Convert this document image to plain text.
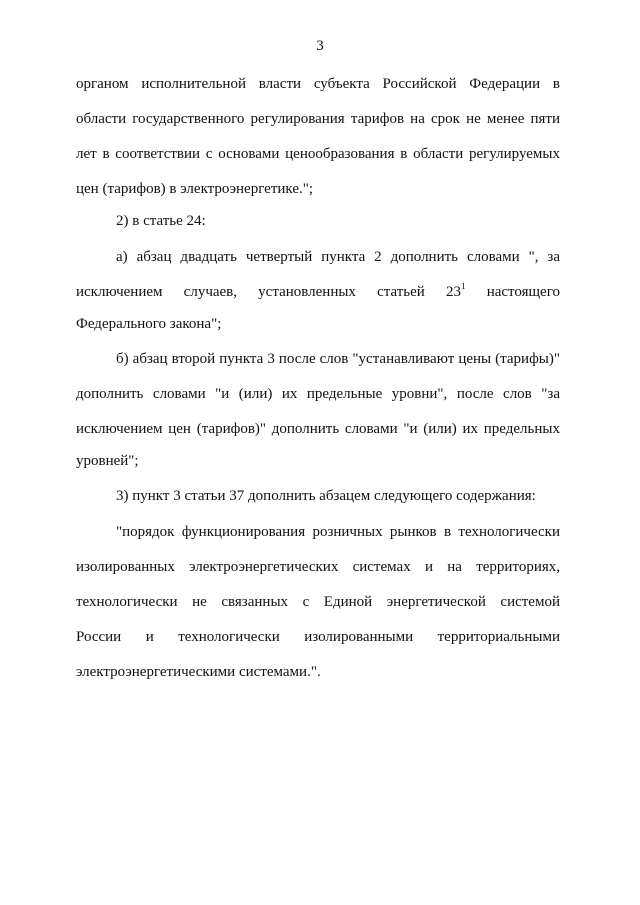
3
органом исполнительной власти субъекта Российской Федерации в
области государственного регулирования тарифов на срок не менее пяти
лет в соответствии с основами ценообразования в области регулируемых
цен (тарифов) в электроэнергетике.";
2) в статье 24:
а) абзац двадцать четвертый пункта 2 дополнить словами ", за
исключением случаев, установленных статьей $23^1$ настоящего
Федерального закона";
б) абзац второй пункта 3 после слов "устанавливают цены (тарифы)"
дополнить словами "и (или) их предельные уровни", после слов "за
исключением цен (тарифов)" дополнить словами "и (или) их предельных
уровней";
3) пункт 3 статьи 37 дополнить абзацем следующего содержания:
"порядок функционирования розничных рынков в технологически
изолированных электроэнергетических системах и на территориях,
технологически не связанных с Единой энергетической системой
России и технологически изолированными территориальными
электроэнергетическими системами.".
